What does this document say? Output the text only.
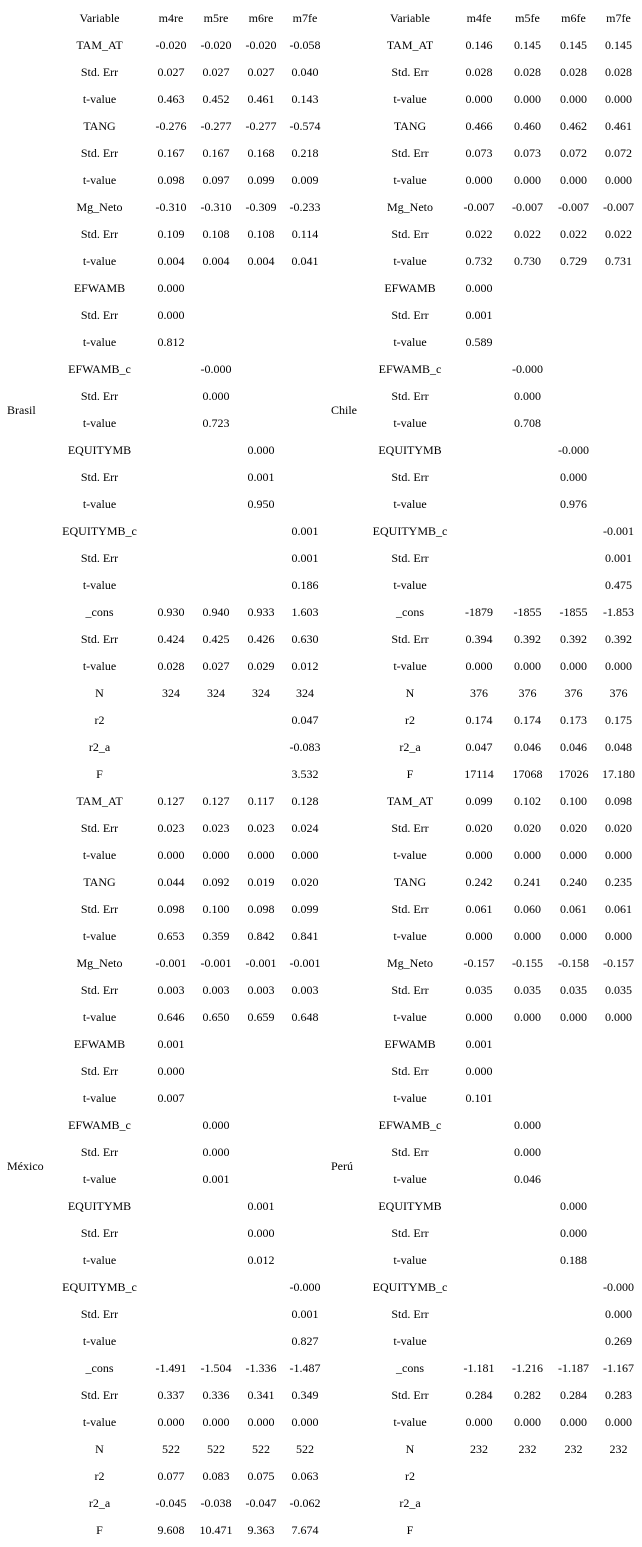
	Variable	m4re	m5re	m6re	m7fe
Brasil	TAM_AT	-0.020	-0.020	-0.020	-0.058
	Std. Err	0.027	0.027	0.027	0.040
	t-value	0.463	0.452	0.461	0.143
	TANG	-0.276	-0.277	-0.277	-0.574
	Std. Err	0.167	0.167	0.168	0.218
	t-value	0.098	0.097	0.099	0.009
	Mg_Neto	-0.310	-0.310	-0.309	-0.233
	Std. Err	0.109	0.108	0.108	0.114
	t-value	0.004	0.004	0.004	0.041
	EFWAMB	0.000			
	Std. Err	0.000			
	t-value	0.812			
	EFWAMB_c		-0.000		
	Std. Err		0.000		
	t-value		0.723		
	EQUITYMB			0.000	
	Std. Err			0.001	
	t-value			0.950	
	EQUITYMB_c				0.001
	Std. Err				0.001
	t-value				0.186
	_cons	0.930	0.940	0.933	1.603
	Std. Err	0.424	0.425	0.426	0.630
	t-value	0.028	0.027	0.029	0.012
	N	324	324	324	324
	r2				0.047
	r2_a				-0.083
	F				3.532
México	TAM_AT	0.127	0.127	0.117	0.128
	Std. Err	0.023	0.023	0.023	0.024
	t-value	0.000	0.000	0.000	0.000
	TANG	0.044	0.092	0.019	0.020
	Std. Err	0.098	0.100	0.098	0.099
	t-value	0.653	0.359	0.842	0.841
	Mg_Neto	-0.001	-0.001	-0.001	-0.001
	Std. Err	0.003	0.003	0.003	0.003
	t-value	0.646	0.650	0.659	0.648
	EFWAMB	0.001			
	Std. Err	0.000			
	t-value	0.007			
	EFWAMB_c		0.000		
	Std. Err		0.000		
	t-value		0.001		
	EQUITYMB			0.001	
	Std. Err			0.000	
	t-value			0.012	
	EQUITYMB_c				-0.000
	Std. Err				0.001
	t-value				0.827
	_cons	-1.491	-1.504	-1.336	-1.487
	Std. Err	0.337	0.336	0.341	0.349
	t-value	0.000	0.000	0.000	0.000
	N	522	522	522	522
	r2	0.077	0.083	0.075	0.063
	r2_a	-0.045	-0.038	-0.047	-0.062
	F	9.608	10.471	9.363	7.674
	Variable	m4fe	m5fe	m6fe	m7fe
Chile	TAM_AT	0.146	0.145	0.145	0.145
	Std. Err	0.028	0.028	0.028	0.028
	t-value	0.000	0.000	0.000	0.000
	TANG	0.466	0.460	0.462	0.461
	Std. Err	0.073	0.073	0.072	0.072
	t-value	0.000	0.000	0.000	0.000
	Mg_Neto	-0.007	-0.007	-0.007	-0.007
	Std. Err	0.022	0.022	0.022	0.022
	t-value	0.732	0.730	0.729	0.731
	EFWAMB	0.000			
	Std. Err	0.001			
	t-value	0.589			
	EFWAMB_c		-0.000		
	Std. Err		0.000		
	t-value		0.708		
	EQUITYMB			-0.000	
	Std. Err			0.000	
	t-value			0.976	
	EQUITYMB_c				-0.001
	Std. Err				0.001
	t-value				0.475
	_cons	-1879	-1855	-1855	-1.853
	Std. Err	0.394	0.392	0.392	0.392
	t-value	0.000	0.000	0.000	0.000
	N	376	376	376	376
	r2	0.174	0.174	0.173	0.175
	r2_a	0.047	0.046	0.046	0.048
	F	17114	17068	17026	17.180
Perú	TAM_AT	0.099	0.102	0.100	0.098
	Std. Err	0.020	0.020	0.020	0.020
	t-value	0.000	0.000	0.000	0.000
	TANG	0.242	0.241	0.240	0.235
	Std. Err	0.061	0.060	0.061	0.061
	t-value	0.000	0.000	0.000	0.000
	Mg_Neto	-0.157	-0.155	-0.158	-0.157
	Std. Err	0.035	0.035	0.035	0.035
	t-value	0.000	0.000	0.000	0.000
	EFWAMB	0.001			
	Std. Err	0.000			
	t-value	0.101			
	EFWAMB_c		0.000		
	Std. Err		0.000		
	t-value		0.046		
	EQUITYMB			0.000	
	Std. Err			0.000	
	t-value			0.188	
	EQUITYMB_c				-0.000
	Std. Err				0.000
	t-value				0.269
	_cons	-1.181	-1.216	-1.187	-1.167
	Std. Err	0.284	0.282	0.284	0.283
	t-value	0.000	0.000	0.000	0.000
	N	232	232	232	232
	r2				
	r2_a				
	F				
